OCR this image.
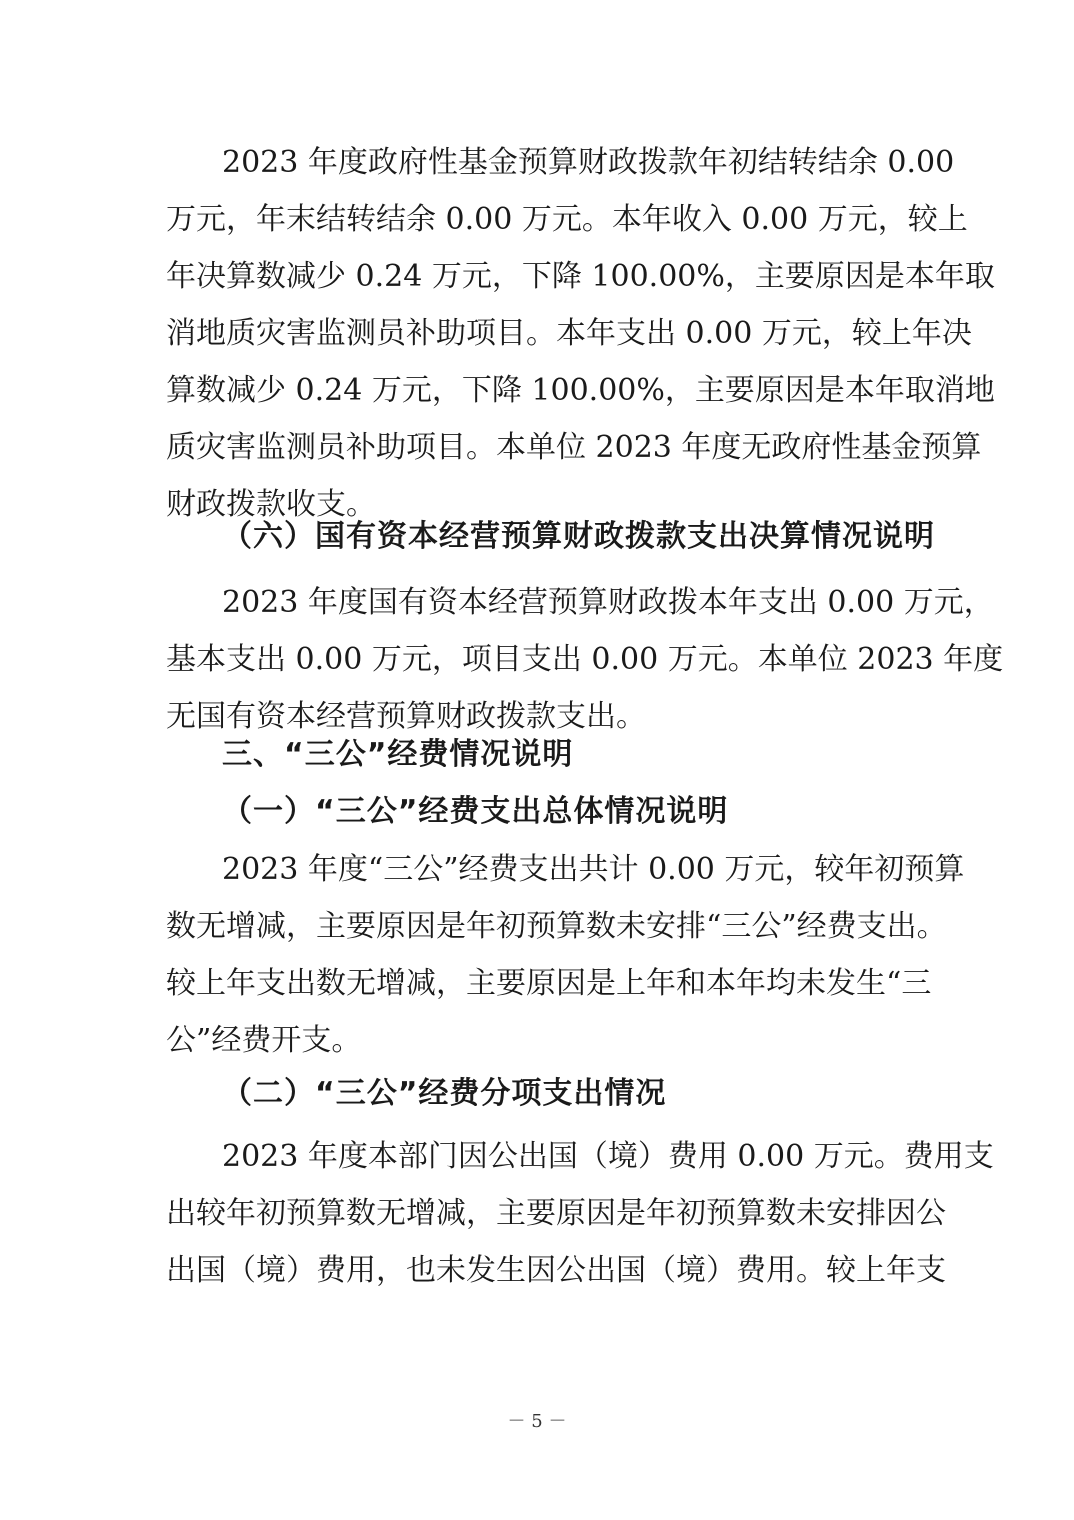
2023 年度政府性基金预算财政拨款年初结转结余 0.00
万元，年末结转结余 0.00 万元。本年收入 0.00 万元，较上
年决算数减少 0.24 万元，下降 100.00%，主要原因是本年取
消地质灾害监测员补助项目。本年支出 0.00 万元，较上年决
算数减少 0.24 万元，下降 100.00%，主要原因是本年取消地
质灾害监测员补助项目。本单位 2023 年度无政府性基金预算
财政拨款收支。
（六）国有资本经营预算财政拨款支出决算情况说明
2023 年度国有资本经营预算财政拨本年支出 0.00 万元，
基本支出 0.00 万元，项目支出 0.00 万元。本单位 2023 年度
无国有资本经营预算财政拨款支出。
三、“三公”经费情况说明
（一）“三公”经费支出总体情况说明
2023 年度“三公”经费支出共计 0.00 万元，较年初预算
数无增减，主要原因是年初预算数未安排“三公”经费支出。
较上年支出数无增减，主要原因是上年和本年均未发生“三
公”经费开支。
（二）“三公”经费分项支出情况
2023 年度本部门因公出国（境）费用 0.00 万元。费用支
出较年初预算数无增减，主要原因是年初预算数未安排因公
出国（境）费用，也未发生因公出国（境）费用。较上年支
－ 5 －
